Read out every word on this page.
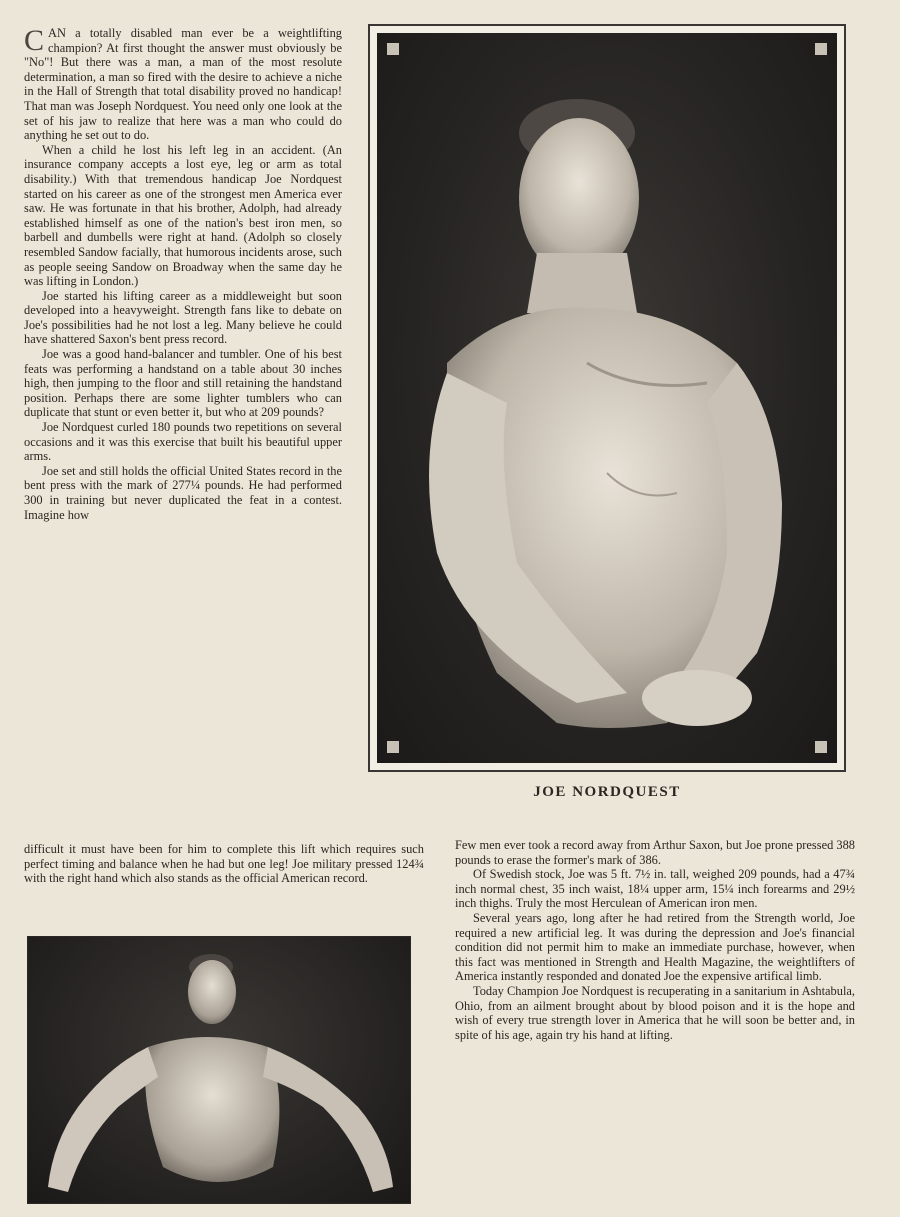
CAN a totally disabled man ever be a weightlifting champion? At first thought the answer must obviously be "No"! But there was a man, a man of the most resolute determination, a man so fired with the desire to achieve a niche in the Hall of Strength that total disability proved no handicap! That man was Joseph Nordquest. You need only one look at the set of his jaw to realize that here was a man who could do anything he set out to do.

When a child he lost his left leg in an accident. (An insurance company accepts a lost eye, leg or arm as total disability.) With that tremendous handicap Joe Nordquest started on his career as one of the strongest men America ever saw. He was fortunate in that his brother, Adolph, had already established himself as one of the nation's best iron men, so barbell and dumbells were right at hand. (Adolph so closely resembled Sandow facially, that humorous incidents arose, such as people seeing Sandow on Broadway when the same day he was lifting in London.)

Joe started his lifting career as a middleweight but soon developed into a heavyweight. Strength fans like to debate on Joe's possibilities had he not lost a leg. Many believe he could have shattered Saxon's bent press record.

Joe was a good hand-balancer and tumbler. One of his best feats was performing a handstand on a table about 30 inches high, then jumping to the floor and still retaining the handstand position. Perhaps there are some lighter tumblers who can duplicate that stunt or even better it, but who at 209 pounds?

Joe Nordquest curled 180 pounds two repetitions on several occasions and it was this exercise that built his beautiful upper arms.

Joe set and still holds the official United States record in the bent press with the mark of 277¼ pounds. He had performed 300 in training but never duplicated the feat in a contest. Imagine how

difficult it must have been for him to complete this lift which requires such perfect timing and balance when he had but one leg! Joe military pressed 124¾ with the right hand which also stands as the official American record.

JOE NORDQUEST

Few men ever took a record away from Arthur Saxon, but Joe prone pressed 388 pounds to erase the former's mark of 386.

Of Swedish stock, Joe was 5 ft. 7½ in. tall, weighed 209 pounds, had a 47¾ inch normal chest, 35 inch waist, 18¼ upper arm, 15¼ inch forearms and 29½ inch thighs. Truly the most Herculean of American iron men.

Several years ago, long after he had retired from the Strength world, Joe required a new artificial leg. It was during the depression and Joe's financial condition did not permit him to make an immediate purchase, however, when this fact was mentioned in Strength and Health Magazine, the weightlifters of America instantly responded and donated Joe the expensive artifical limb.

Today Champion Joe Nordquest is recuperating in a sanitarium in Ashtabula, Ohio, from an ailment brought about by blood poison and it is the hope and wish of every true strength lover in America that he will soon be better and, in spite of his age, again try his hand at lifting.
